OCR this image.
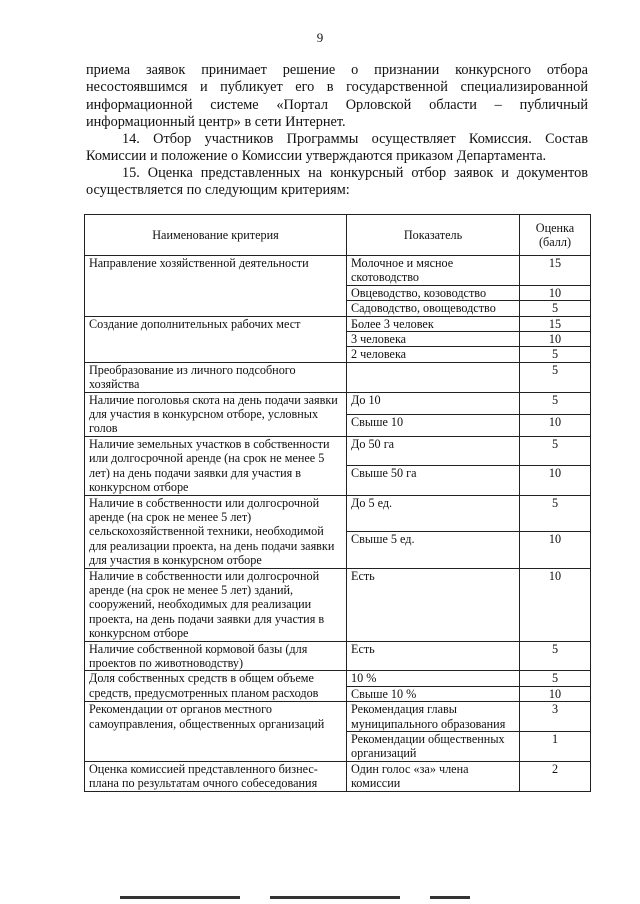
9

приема заявок принимает решение о признании конкурсного отбора несостоявшимся и публикует его в государственной специализированной информационной системе «Портал Орловской области – публичный информационный центр» в сети Интернет.

14. Отбор участников Программы осуществляет Комиссия. Состав Комиссии и положение о Комиссии утверждаются приказом Департамента.

15. Оценка представленных на конкурсный отбор заявок и документов осуществляется по следующим критериям:

Наименование критерия	Показатель	Оценка (балл)
Направление хозяйственной деятельности	Молочное и мясное скотоводство	15
	Овцеводство, козоводство	10
	Садоводство, овощеводство	5
Создание дополнительных рабочих мест	Более 3 человек	15
	3 человека	10
	2 человека	5
Преобразование из личного подсобного хозяйства		5
Наличие поголовья скота на день подачи заявки для участия в конкурсном отборе, условных голов	До 10	5
	Свыше 10	10
Наличие земельных участков в собственности или долгосрочной аренде (на срок не менее 5 лет) на день подачи заявки для участия в конкурсном отборе	До 50 га	5
	Свыше 50 га	10
Наличие в собственности или долгосрочной аренде (на срок не менее 5 лет) сельскохозяйственной техники, необходимой для реализации проекта, на день подачи заявки для участия в конкурсном отборе	До 5 ед.	5
	Свыше 5 ед.	10
Наличие в собственности или долгосрочной аренде (на срок не менее 5 лет) зданий, сооружений, необходимых для реализации проекта, на день подачи заявки для участия в конкурсном отборе	Есть	10
Наличие собственной кормовой базы (для проектов по животноводству)	Есть	5
Доля собственных средств в общем объеме средств, предусмотренных планом расходов	10 %	5
	Свыше 10 %	10
Рекомендации от органов местного самоуправления, общественных организаций	Рекомендация главы муниципального образования	3
	Рекомендации общественных организаций	1
Оценка комиссией представленного бизнес-плана по результатам очного собеседования	Один голос «за» члена комиссии	2
